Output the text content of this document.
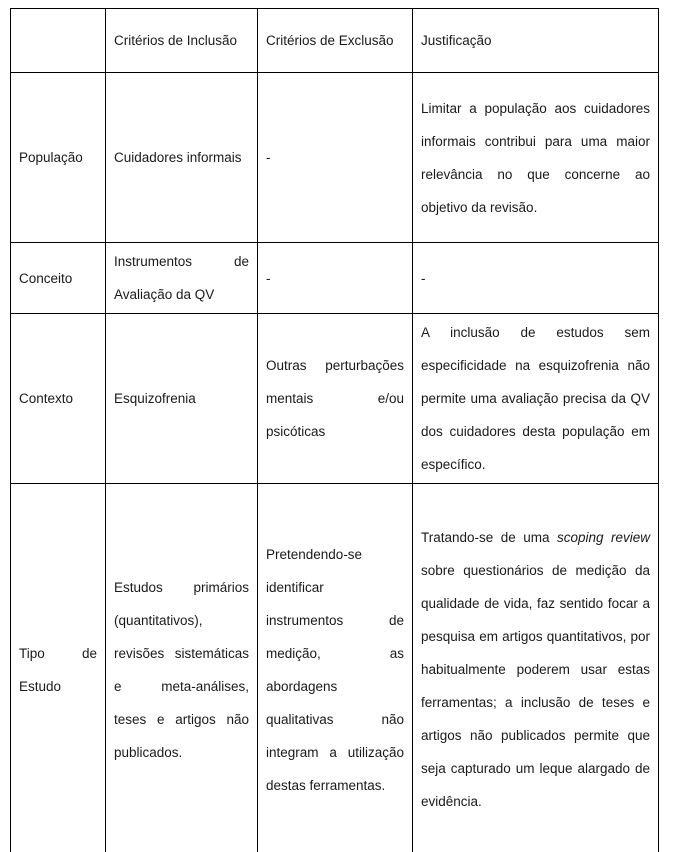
	Critérios de Inclusão	Critérios de Exclusão	Justificação
População	Cuidadores informais	-	Limitar a população aos cuidadores informais contribui para uma maior relevância no que concerne ao objetivo da revisão.
Conceito	Instrumentos de Avaliação da QV	-	-
Contexto	Esquizofrenia	Outras perturbações mentais e/ou psicóticas	A inclusão de estudos sem especificidade na esquizofrenia não permite uma avaliação precisa da QV dos cuidadores desta população em específico.
Tipo de Estudo	Estudos primários (quantitativos), revisões sistemáticas e meta-análises, teses e artigos não publicados.	Pretendendo-se identificar instrumentos de medição, as abordagens qualitativas não integram a utilização destas ferramentas.	Tratando-se de uma scoping review sobre questionários de medição da qualidade de vida, faz sentido focar a pesquisa em artigos quantitativos, por habitualmente poderem usar estas ferramentas; a inclusão de teses e artigos não publicados permite que seja capturado um leque alargado de evidência.
